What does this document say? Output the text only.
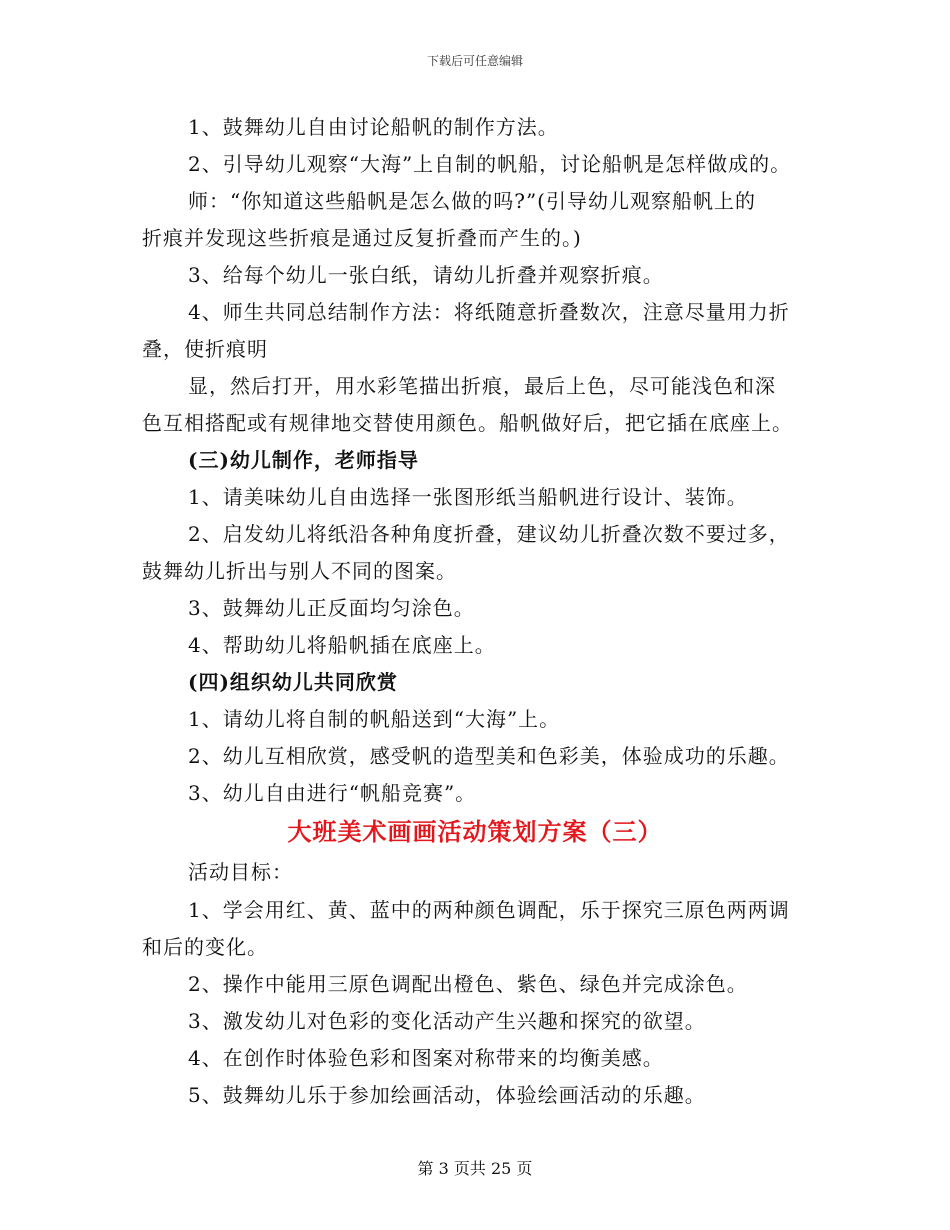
下载后可任意编辑
1、鼓舞幼儿自由讨论船帆的制作方法。
2、引导幼儿观察“大海”上自制的帆船，讨论船帆是怎样做成的。
师：“你知道这些船帆是怎么做的吗?”(引导幼儿观察船帆上的
折痕并发现这些折痕是通过反复折叠而产生的。)
3、给每个幼儿一张白纸，请幼儿折叠并观察折痕。
4、师生共同总结制作方法：将纸随意折叠数次，注意尽量用力折
叠，使折痕明
显，然后打开，用水彩笔描出折痕，最后上色，尽可能浅色和深
色互相搭配或有规律地交替使用颜色。船帆做好后，把它插在底座上。
(三)幼儿制作，老师指导
1、请美味幼儿自由选择一张图形纸当船帆进行设计、装饰。
2、启发幼儿将纸沿各种角度折叠，建议幼儿折叠次数不要过多，
鼓舞幼儿折出与别人不同的图案。
3、鼓舞幼儿正反面均匀涂色。
4、帮助幼儿将船帆插在底座上。
(四)组织幼儿共同欣赏
1、请幼儿将自制的帆船送到“大海”上。
2、幼儿互相欣赏，感受帆的造型美和色彩美，体验成功的乐趣。
3、幼儿自由进行“帆船竞赛”。
大班美术画画活动策划方案（三）
活动目标：
1、学会用红、黄、蓝中的两种颜色调配，乐于探究三原色两两调
和后的变化。
2、操作中能用三原色调配出橙色、紫色、绿色并完成涂色。
3、激发幼儿对色彩的变化活动产生兴趣和探究的欲望。
4、在创作时体验色彩和图案对称带来的均衡美感。
5、鼓舞幼儿乐于参加绘画活动，体验绘画活动的乐趣。
第 3 页共 25 页
